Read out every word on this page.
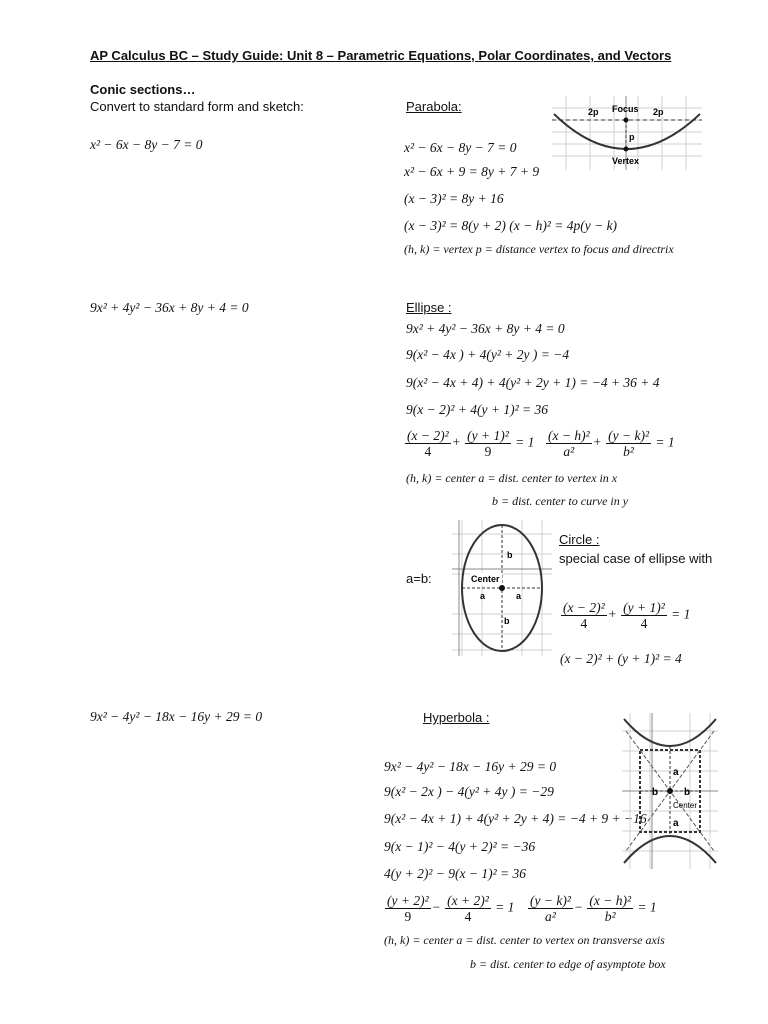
AP Calculus BC – Study Guide: Unit 8 – Parametric Equations, Polar Coordinates, and Vectors
Conic sections…
Convert to standard form and sketch:
x² − 6x − 8y − 7 = 0
Parabola:
x² − 6x − 8y − 7 = 0
x² − 6x + 9 = 8y + 7 + 9
(x − 3)² = 8y + 16
(x − 3)² = 8(y + 2) (x − h)² = 4p(y − k)
(h, k) = vertex p = distance vertex to focus and directrix
2p Focus 2p
p
Vertex
9x² + 4y² − 36x + 8y + 4 = 0	Ellipse :
9x² + 4y² − 36x + 8y + 4 = 0
9(x² − 4x ) + 4(y² + 2y ) = −4
9(x² − 4x + 4) + 4(y² + 2y + 1) = −4 + 36 + 4
9(x − 2)² + 4(y + 1)² = 36
$\frac{\text{(x − 2)²}}{4} + \frac{\text{(y + 1)²}}{9} = 1 \frac{\text{(x − h)²}}{\text{a²}} + \frac{\text{(y − k)²}}{\text{b²}} = 1$
(h, k) = center a = dist. center to vertex in x
b = dist. center to curve in y
b
Center
a	a
b
a=b:
Circle :
special case of ellipse with
$\frac{\text{(x − 2)²}}{4} + \frac{\text{(y + 1)²}}{4} = 1$
(x − 2)² + (y + 1)² = 4
9x² − 4y² − 18x − 16y + 29 = 0	Hyperbola :
9x² − 4y² − 18x − 16y + 29 = 0
9(x² − 2x ) − 4(y² + 4y ) = −29
9(x² − 4x + 1) + 4(y² + 2y + 4) = −4 + 9 + −16
9(x − 1)² − 4(y + 2)² = −36
4(y + 2)² − 9(x − 1)² = 36
$\frac{\text{(y + 2)²}}{9} - \frac{\text{(x + 2)²}}{4} = 1 \frac{\text{(y − k)²}}{\text{a²}} - \frac{\text{(x − h)²}}{\text{b²}} = 1$
(h, k) = center a = dist. center to vertex on transverse axis
b = dist. center to edge of asymptote box
a
b	b
Center
a
